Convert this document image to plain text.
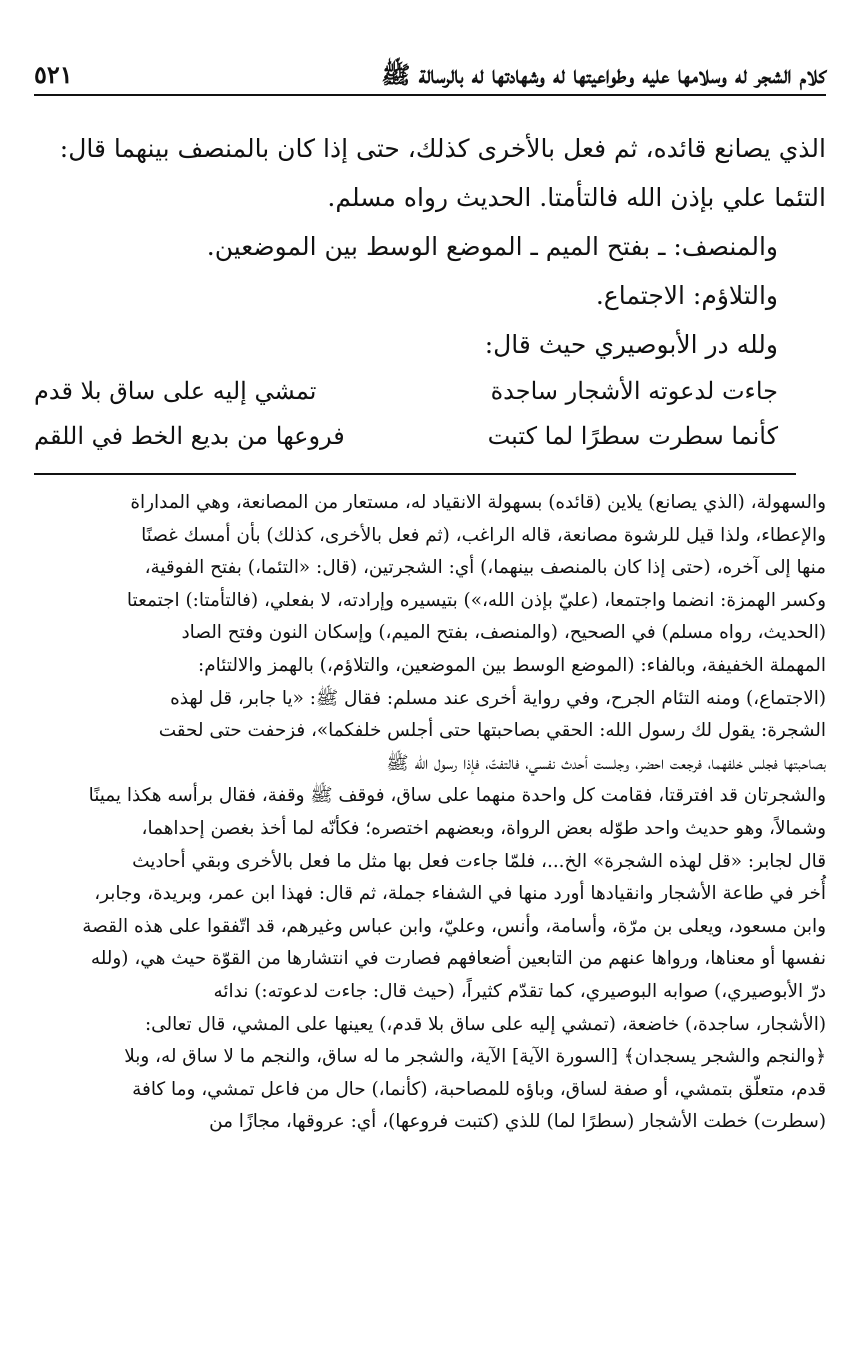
كلام الشجر له وسلامها عليه وطواعيتها له وشهادتها له بالرسالة ﷺ
٥٢١

الذي يصانع قائده، ثم فعل بالأخرى كذلك، حتى إذا كان بالمنصف بينهما قال:

التئما علي بإذن الله فالتأمتا. الحديث رواه مسلم.

والمنصف: ـ بفتح الميم ـ الموضع الوسط بين الموضعين.

والتلاؤم: الاجتماع.

ولله در الأبوصيري حيث قال:

جاءت لدعوته الأشجار ساجدة
تمشي إليه على ساق بلا قدم
كأنما سطرت سطرًا لما كتبت
فروعها من بديع الخط في اللقم

والسهولة، (الذي يصانع) يلاين (قائده) بسهولة الانقياد له، مستعار من المصانعة، وهي المداراة

والإعطاء، ولذا قيل للرشوة مصانعة، قاله الراغب، (ثم فعل بالأخرى، كذلك) بأن أمسك غصنًا

منها إلى آخره، (حتى إذا كان بالمنصف بينهما،) أي: الشجرتين، (قال: «التئما،) بفتح الفوقية،

وكسر الهمزة: انضما واجتمعا، (عليّ بإذن الله،») بتيسيره وإرادته، لا بفعلي، (فالتأمتا:) اجتمعتا

(الحديث، رواه مسلم) في الصحيح، (والمنصف، بفتح الميم،) وإسكان النون وفتح الصاد

المهملة الخفيفة، وبالفاء: (الموضع الوسط بين الموضعين، والتلاؤم،) بالهمز والالتئام:

(الاجتماع،) ومنه التئام الجرح، وفي رواية أخرى عند مسلم: فقال ﷺ: «يا جابر، قل لهذه

الشجرة: يقول لك رسول الله: الحقي بصاحبتها حتى أجلس خلفكما»، فزحفت حتى لحقت

بصاحبتها فجلس خلفهما، فرجعت احضر، وجلست أحدث نفسي، فالتفتّ، فإذا رسول الله ﷺ

والشجرتان قد افترقتا، فقامت كل واحدة منهما على ساق، فوقف ﷺ وقفة، فقال برأسه هكذا يمينًا

وشمالاً، وهو حديث واحد طوّله بعض الرواة، وبعضهم اختصره؛ فكأنّه لما أخذ بغصن إحداهما،

قال لجابر: «قل لهذه الشجرة» الخ...، فلمّا جاءت فعل بها مثل ما فعل بالأخرى وبقي أحاديث

أُخر في طاعة الأشجار وانقيادها أورد منها في الشفاء جملة، ثم قال: فهذا ابن عمر، وبريدة، وجابر،

وابن مسعود، ويعلى بن مرّة، وأسامة، وأنس، وعليّ، وابن عباس وغيرهم، قد اتّفقوا على هذه القصة

نفسها أو معناها، ورواها عنهم من التابعين أضعافهم فصارت في انتشارها من القوّة حيث هي، (ولله

درّ الأبوصيري،) صوابه البوصيري، كما تقدّم كثيراً، (حيث قال: جاءت لدعوته:) ندائه

(الأشجار، ساجدة،) خاضعة، (تمشي إليه على ساق بلا قدم،) يعينها على المشي، قال تعالى:

﴿والنجم والشجر يسجدان﴾ [السورة الآية] الآية، والشجر ما له ساق، والنجم ما لا ساق له، وبلا

قدم، متعلّق بتمشي، أو صفة لساق، وباؤه للمصاحبة، (كأنما،) حال من فاعل تمشي، وما كافة

(سطرت) خطت الأشجار (سطرًا لما) للذي (كتبت فروعها)، أي: عروقها، مجازًا من
